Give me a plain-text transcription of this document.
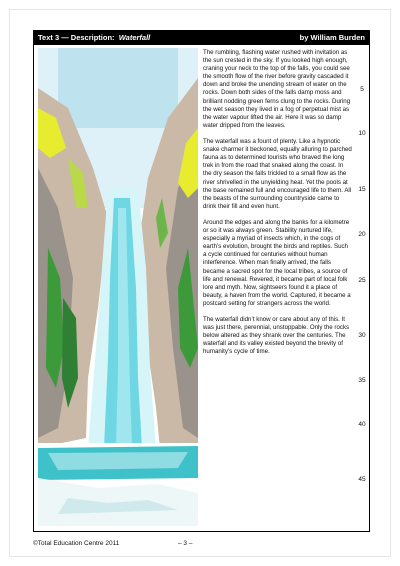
Text 3 — Description: Waterfall	by William Burden

The rumbling, flashing water rushed with invitation as the sun crested in the sky. If you looked high enough, craning your neck to the top of the falls, you could see the smooth flow of the river before gravity cascaded it down and broke the unending stream of water on the rocks. Down both sides of the falls damp moss and brilliant nodding green ferns clung to the rocks. During the wet season they lived in a fog of perpetual mist as the water vapour lifted the air. Here it was so damp water dripped from the leaves.

The waterfall was a fount of plenty. Like a hypnotic snake charmer it beckoned, equally alluring to parched fauna as to determined tourists who braved the long trek in from the road that snaked along the coast. In the dry season the falls trickled to a small flow as the river shrivelled in the unyielding heat. Yet the pools at the base remained full and encouraged life to them. All the beasts of the surrounding countryside came to drink their fill and even hunt.

Around the edges and along the banks for a kilometre or so it was always green. Stability nurtured life, especially a myriad of insects which, in the cogs of earth’s evolution, brought the birds and reptiles. Such a cycle continued for centuries without human interference. When man finally arrived, the falls became a sacred spot for the local tribes, a source of life and renewal. Revered, it became part of local folk lore and myth. Now, sightseers found it a place of beauty, a haven from the world. Captured, it became a postcard setting for strangers across the world.

The waterfall didn’t know or care about any of this. It was just there, perennial, unstoppable. Only the rocks below altered as they shrank over the centuries. The waterfall and its valley existed beyond the brevity of humanity’s cycle of time.

5
10
15
20
25
30
35
40
45
©Total Education Centre 2011	– 3 –
